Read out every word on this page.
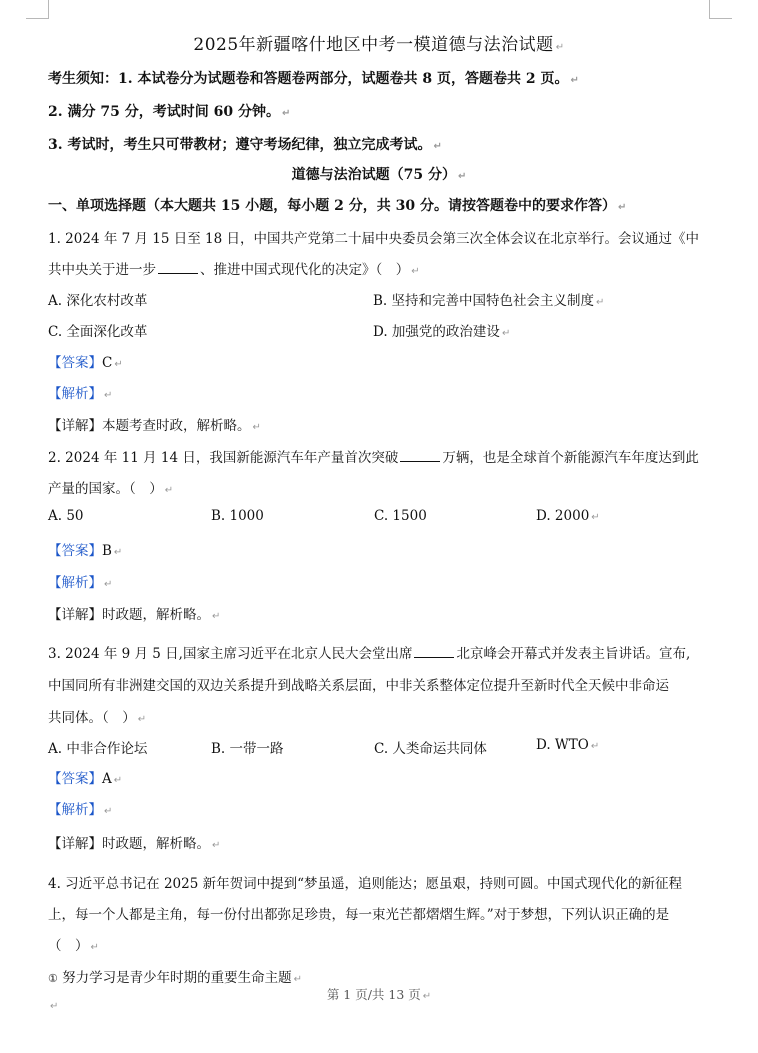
2025年新疆喀什地区中考一模道德与法治试题 ↵
考生须知：1. 本试卷分为试题卷和答题卷两部分，试题卷共 8 页，答题卷共 2 页。 ↵
2. 满分 75 分，考试时间 60 分钟。 ↵
3. 考试时，考生只可带教材；遵守考场纪律，独立完成考试。 ↵
道德与法治试题（75 分） ↵
一、单项选择题（本大题共 15 小题，每小题 2 分，共 30 分。请按答题卷中的要求作答） ↵
1. 2024 年 7 月 15 日至 18 日，中国共产党第二十届中央委员会第三次全体会议在北京举行。会议通过《中
共中央关于进一步	、推进中国式现代化的决定》（　） ↵
A. 深化农村改革	B. 坚持和完善中国特色社会主义制度 ↵
C. 全面深化改革	D. 加强党的政治建设 ↵
【答案】C ↵
【解析】 ↵
【详解】本题考查时政，解析略。 ↵
2. 2024 年 11 月 14 日，我国新能源汽车年产量首次突破	万辆，也是全球首个新能源汽车年度达到此
产量的国家。（　） ↵
A. 50	B. 1000	C. 1500	D. 2000 ↵
【答案】B ↵
【解析】 ↵
【详解】时政题，解析略。 ↵
3. 2024 年 9 月 5 日,国家主席习近平在北京人民大会堂出席	北京峰会开幕式并发表主旨讲话。宣布,
中国同所有非洲建交国的双边关系提升到战略关系层面，中非关系整体定位提升至新时代全天候中非命运
共同体。（　） ↵
A. 中非合作论坛	B. 一带一路	C. 人类命运共同体	D. WTO ↵
【答案】A ↵
【解析】 ↵
【详解】时政题，解析略。 ↵
4. 习近平总书记在 2025 新年贺词中提到“梦虽遥，追则能达；愿虽艰，持则可圆。中国式现代化的新征程
上，每一个人都是主角，每一份付出都弥足珍贵，每一束光芒都熠熠生辉。”对于梦想，下列认识正确的是
（　） ↵
① 努力学习是青少年时期的重要生命主题 ↵
第 1 页/共 13 页 ↵
↵
